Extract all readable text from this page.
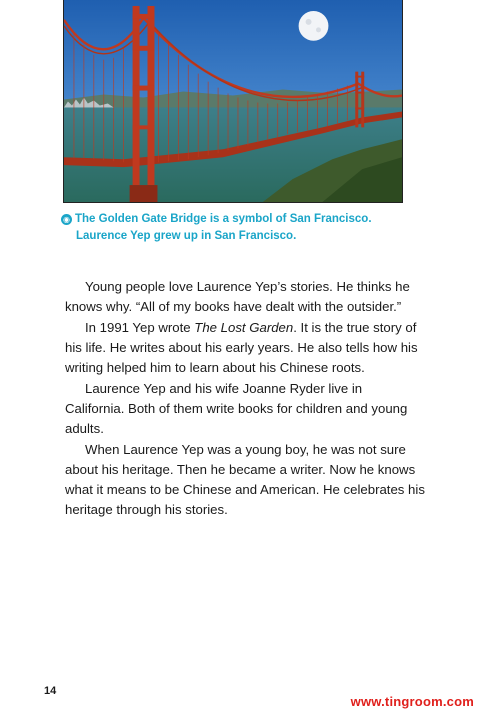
◉ The Golden Gate Bridge is a symbol of San Francisco.
Laurence Yep grew up in San Francisco.

Young people love Laurence Yep’s stories. He thinks he knows why. “All of my books have dealt with the outsider.”

In 1991 Yep wrote The Lost Garden. It is the true story of his life. He writes about his early years. He also tells how his writing helped him to learn about his Chinese roots.

Laurence Yep and his wife Joanne Ryder live in California. Both of them write books for children and young adults.

When Laurence Yep was a young boy, he was not sure about his heritage. Then he became a writer. Now he knows what it means to be Chinese and American. He celebrates his heritage through his stories.

14
www.tingroom.com
